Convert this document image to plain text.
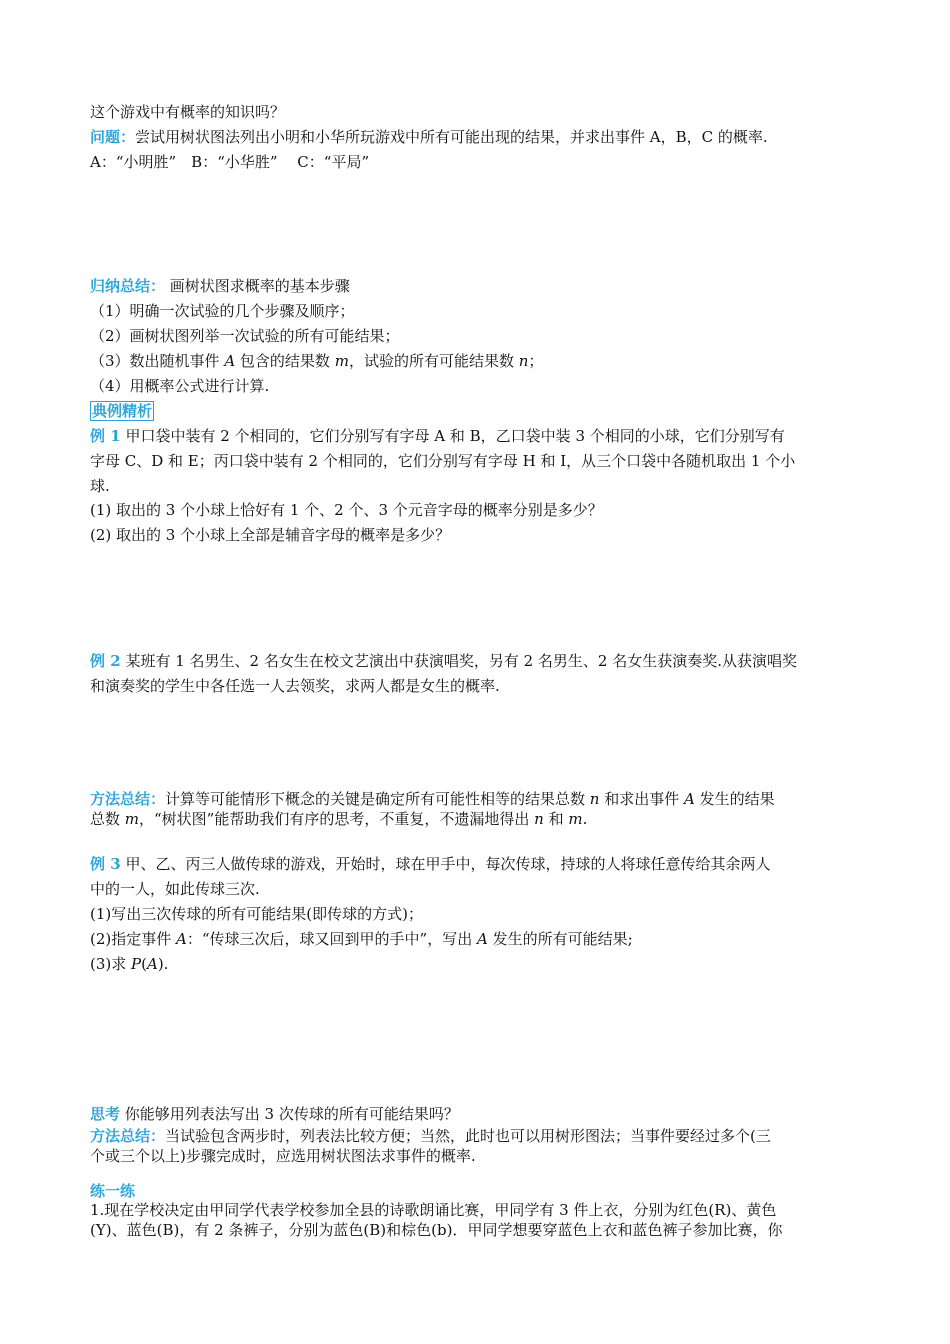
这个游戏中有概率的知识吗？
问题：尝试用树状图法列出小明和小华所玩游戏中所有可能出现的结果，并求出事件 A，B，C 的概率.
A：“小明胜”　B：“小华胜”　 C：“平局”
归纳总结： 画树状图求概率的基本步骤
（1）明确一次试验的几个步骤及顺序；
（2）画树状图列举一次试验的所有可能结果；
（3）数出随机事件 A 包含的结果数 m，试验的所有可能结果数 n；
（4）用概率公式进行计算.
典例精析
例 1 甲口袋中装有 2 个相同的，它们分别写有字母 A 和 B，乙口袋中装 3 个相同的小球，它们分别写有
字母 C、D 和 E；丙口袋中装有 2 个相同的，它们分别写有字母 H 和 I，从三个口袋中各随机取出 1 个小
球.
(1) 取出的 3 个小球上恰好有 1 个、2 个、3 个元音字母的概率分别是多少？
(2) 取出的 3 个小球上全部是辅音字母的概率是多少？
例 2 某班有 1 名男生、2 名女生在校文艺演出中获演唱奖，另有 2 名男生、2 名女生获演奏奖.从获演唱奖
和演奏奖的学生中各任选一人去领奖，求两人都是女生的概率.
方法总结：计算等可能情形下概念的关键是确定所有可能性相等的结果总数 n 和求出事件 A 发生的结果
总数 m，“树状图”能帮助我们有序的思考，不重复，不遗漏地得出 n 和 m.
例 3 甲、乙、丙三人做传球的游戏，开始时，球在甲手中，每次传球，持球的人将球任意传给其余两人
中的一人，如此传球三次.
(1)写出三次传球的所有可能结果(即传球的方式)；
(2)指定事件 A：“传球三次后，球又回到甲的手中”，写出 A 发生的所有可能结果;
(3)求 P(A).
思考 你能够用列表法写出 3 次传球的所有可能结果吗？
方法总结：当试验包含两步时，列表法比较方便；当然，此时也可以用树形图法；当事件要经过多个(三
个或三个以上)步骤完成时，应选用树状图法求事件的概率.
练一练
1.现在学校决定由甲同学代表学校参加全县的诗歌朗诵比赛，甲同学有 3 件上衣，分别为红色(R)、黄色
(Y)、蓝色(B)，有 2 条裤子，分别为蓝色(B)和棕色(b)．甲同学想要穿蓝色上衣和蓝色裤子参加比赛，你
